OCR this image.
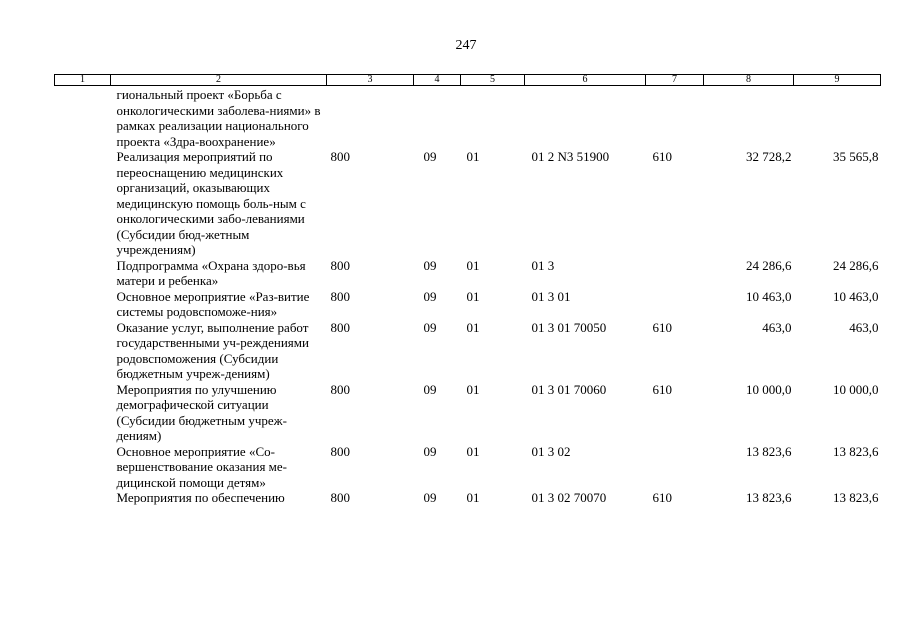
247
1	2	3	4	5	6	7	8	9
	гиональный проект «Борьба с онкологическими заболева-ниями» в рамках реализации национального проекта «Здра-воохранение»							
	Реализация мероприятий по переоснащению медицинских организаций, оказывающих медицинскую помощь боль-ным с онкологическими забо-леваниями (Субсидии бюд-жетным учреждениям)	800	09	01	01 2 N3 51900	610	32 728,2	35 565,8
	Подпрограмма «Охрана здоро-вья матери и ребенка»	800	09	01	01 3		24 286,6	24 286,6
	Основное мероприятие «Раз-витие системы родовспоможе-ния»	800	09	01	01 3 01		10 463,0	10 463,0
	Оказание услуг, выполнение работ государственными уч-реждениями родовспоможения (Субсидии бюджетным учреж-дениям)	800	09	01	01 3 01 70050	610	463,0	463,0
	Мероприятия по улучшению демографической ситуации (Субсидии бюджетным учреж-дениям)	800	09	01	01 3 01 70060	610	10 000,0	10 000,0
	Основное мероприятие «Со-вершенствование оказания ме-дицинской помощи детям»	800	09	01	01 3 02		13 823,6	13 823,6
	Мероприятия по обеспечению	800	09	01	01 3 02 70070	610	13 823,6	13 823,6
